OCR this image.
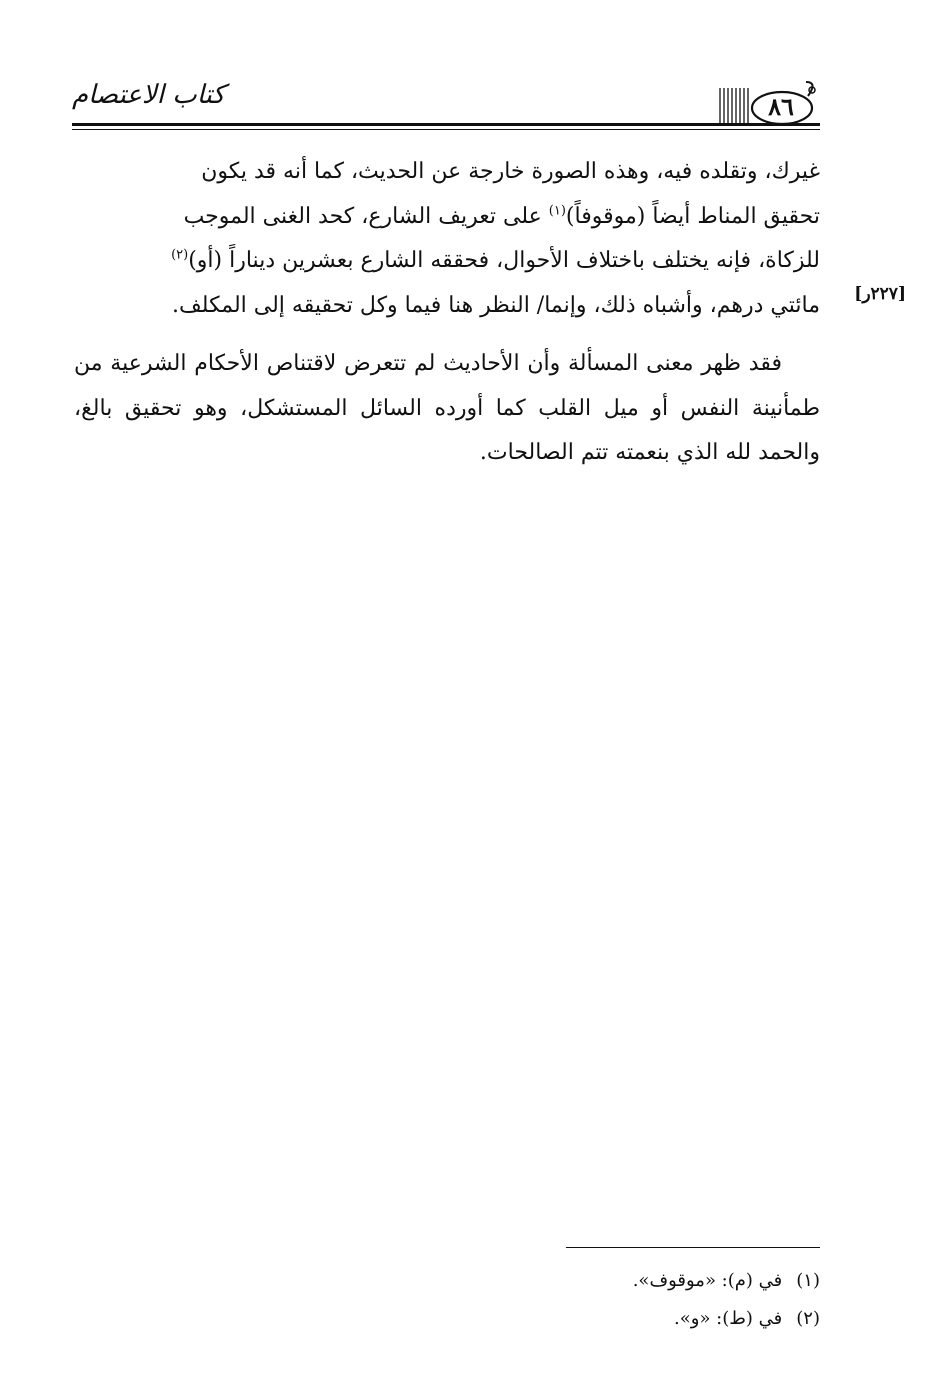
كتاب الاعتصام	٨٦
[٢٢٧ر]

غيرك، وتقلده فيه، وهذه الصورة خارجة عن الحديث، كما أنه قد يكون
تحقيق المناط أيضاً (موقوفاً)$^{(١)}$ على تعريف الشارع، كحد الغنى الموجب
للزكاة، فإنه يختلف باختلاف الأحوال، فحققه الشارع بعشرين ديناراً (أو)$^{(٢)}$
مائتي درهم، وأشباه ذلك، وإنما/ النظر هنا فيما وكل تحقيقه إلى المكلف.

فقد ظهر معنى المسألة وأن الأحاديث لم تتعرض لاقتناص الأحكام الشرعية من طمأنينة النفس أو ميل القلب كما أورده السائل المستشكل، وهو تحقيق بالغ، والحمد لله الذي بنعمته تتم الصالحات.

(١)في (م): «موقوف».
(٢)في (ط): «و».
